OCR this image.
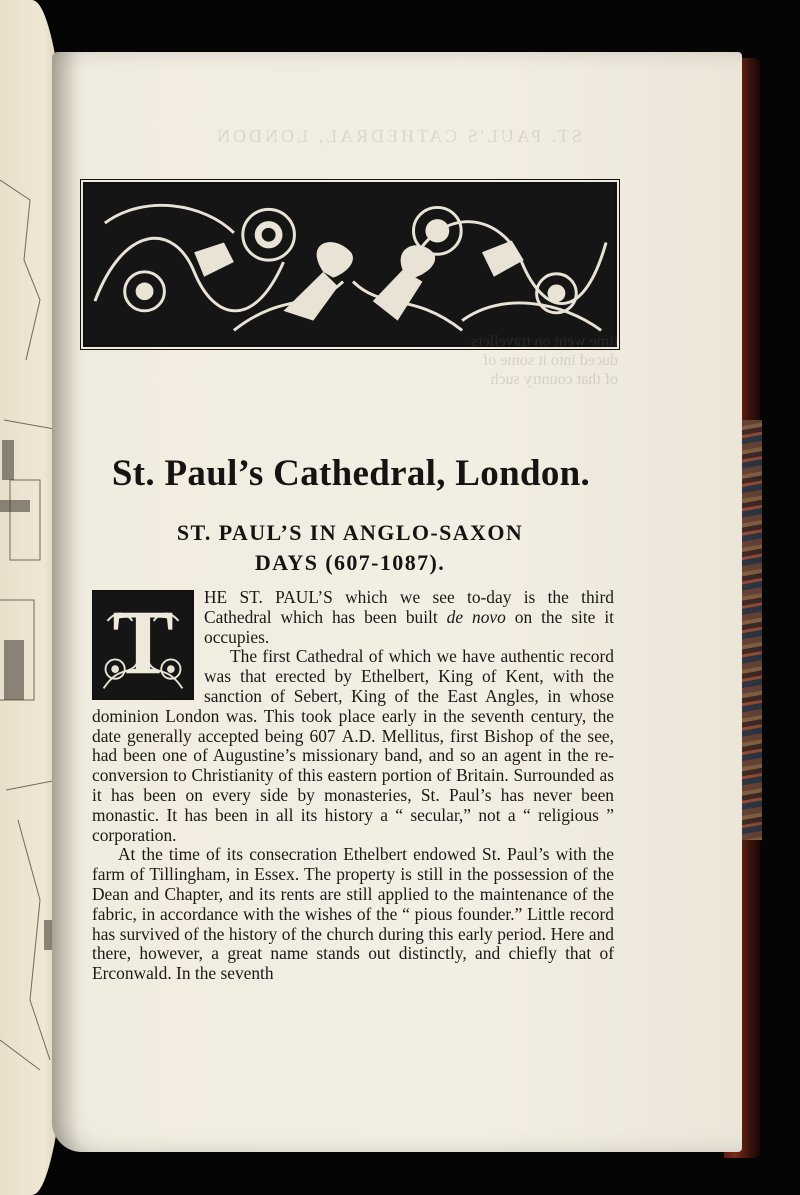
ST. PAUL'S CATHEDRAL, LONDON
time went on travellers
duced into it some of
of that country such
St. Paul’s Cathedral, London.
ST. PAUL’S IN ANGLO-SAXON
DAYS (607-1087).
T	HE ST. PAUL’S which we see to-day is the third Cathedral which has been built de novo on the site it occupies.

The first Cathedral of which we have authentic record was that erected by Ethelbert, King of Kent, with the sanction of Sebert, King of the East Angles, in whose dominion London was. This took place early in the seventh century, the date generally accepted being 607 A.D. Mellitus, first Bishop of the see, had been one of Augustine’s missionary band, and so an agent in the re-conversion to Christianity of this eastern portion of Britain. Surrounded as it has been on every side by monasteries, St. Paul’s has never been monastic. It has been in all its history a “ secular,” not a “ religious ” corporation.

At the time of its consecration Ethelbert endowed St. Paul’s with the farm of Tillingham, in Essex. The property is still in the possession of the Dean and Chapter, and its rents are still applied to the maintenance of the fabric, in accordance with the wishes of the “ pious founder.” Little record has survived of the history of the church during this early period. Here and there, however, a great name stands out distinctly, and chiefly that of Erconwald. In the seventh
